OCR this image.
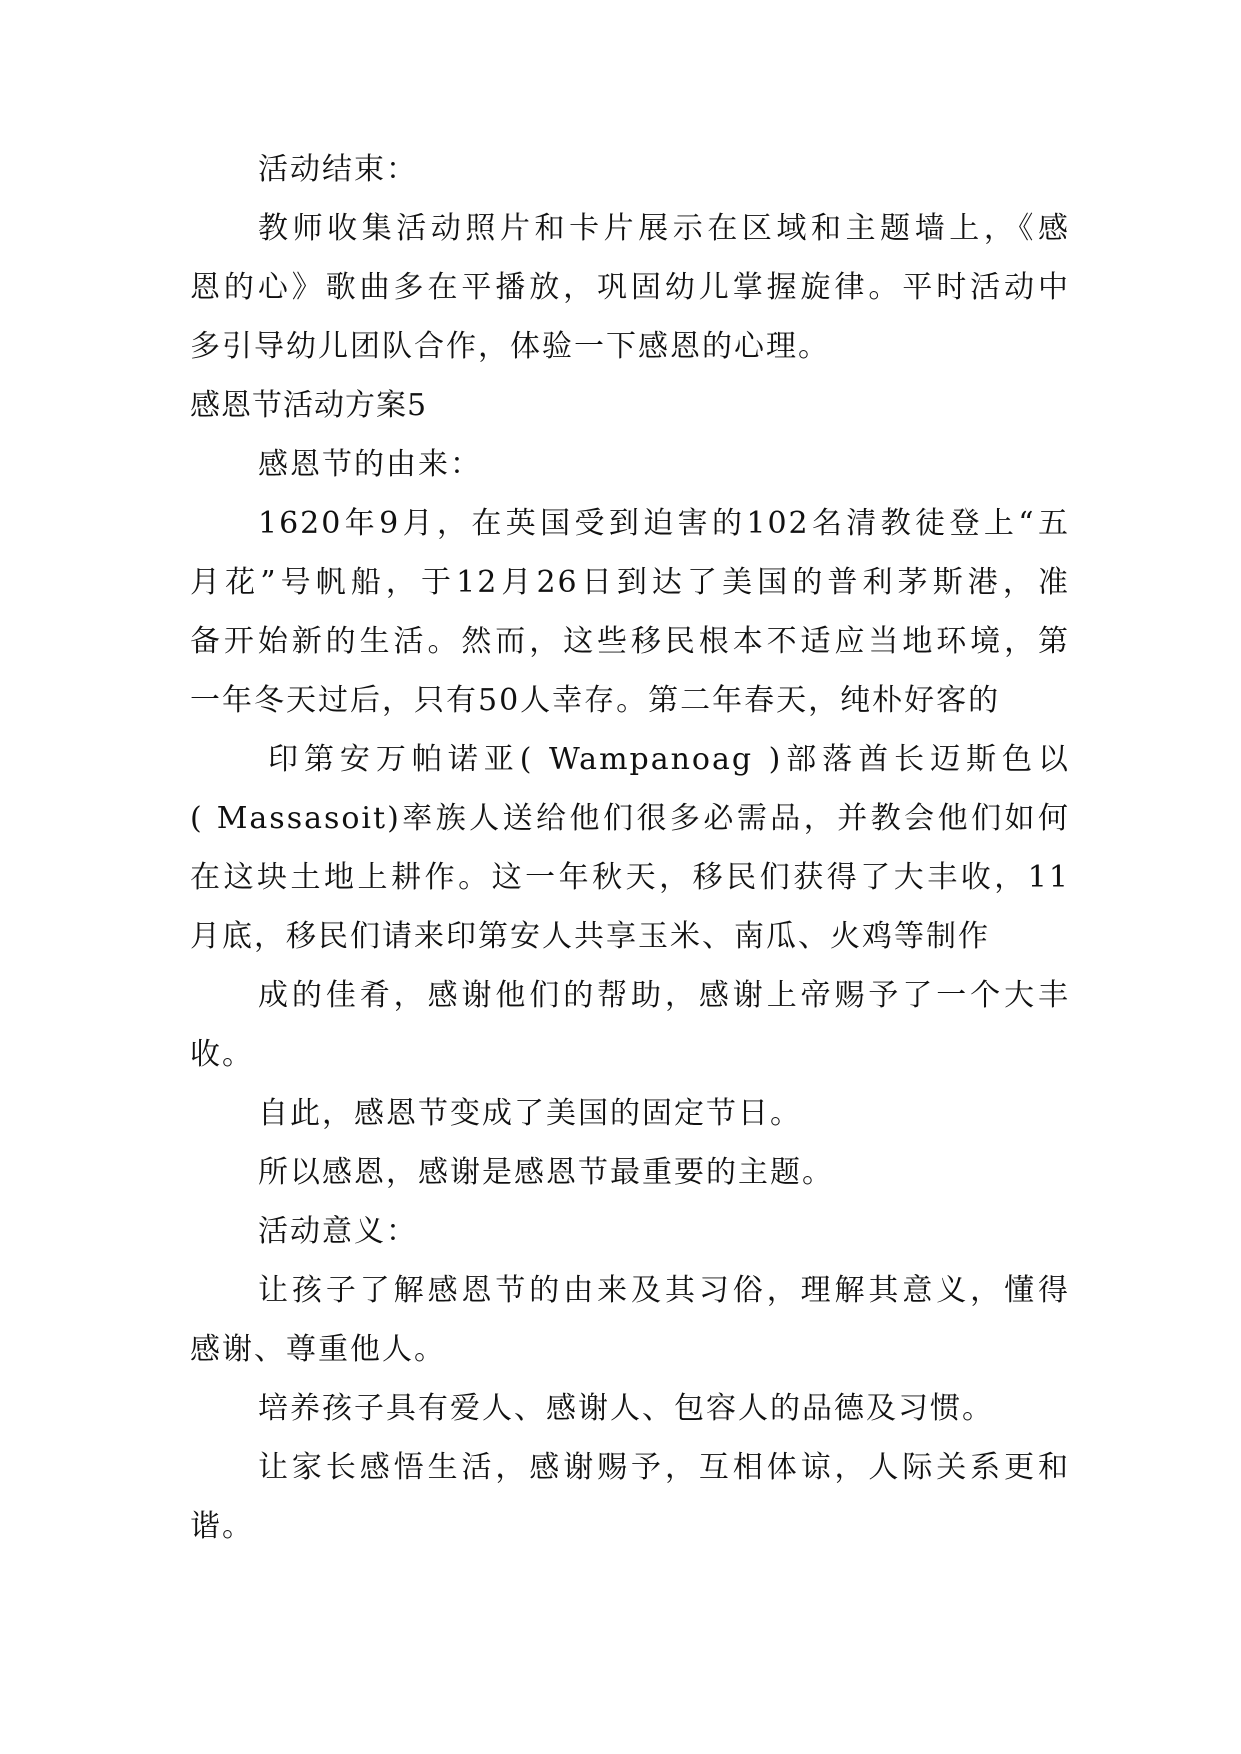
活动结束：
教师收集活动照片和卡片展示在区域和主题墙上，《感
恩的心》歌曲多在平播放，巩固幼儿掌握旋律。平时活动中
多引导幼儿团队合作，体验一下感恩的心理。
感恩节活动方案5
感恩节的由来：
1620年9月，在英国受到迫害的102名清教徒登上“五
月花”号帆船，于12月26日到达了美国的普利茅斯港，准
备开始新的生活。然而，这些移民根本不适应当地环境，第
一年冬天过后，只有50人幸存。第二年春天，纯朴好客的
印第安万帕诺亚( Wampanoag )部落酋长迈斯色以
( Massasoit)率族人送给他们很多必需品，并教会他们如何
在这块土地上耕作。这一年秋天，移民们获得了大丰收，11
月底，移民们请来印第安人共享玉米、南瓜、火鸡等制作
成的佳肴，感谢他们的帮助，感谢上帝赐予了一个大丰
收。
自此，感恩节变成了美国的固定节日。
所以感恩，感谢是感恩节最重要的主题。
活动意义：
让孩子了解感恩节的由来及其习俗，理解其意义，懂得
感谢、尊重他人。
培养孩子具有爱人、感谢人、包容人的品德及习惯。
让家长感悟生活，感谢赐予，互相体谅，人际关系更和
谐。
